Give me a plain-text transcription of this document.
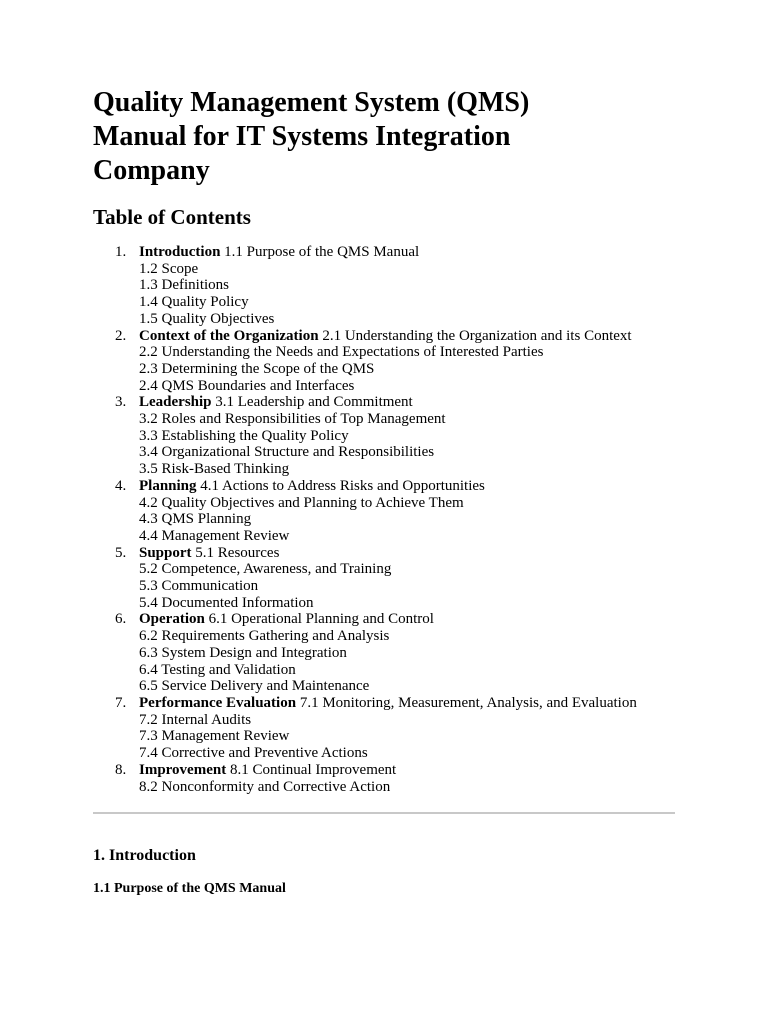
Quality Management System (QMS)
Manual for IT Systems Integration
Company
Table of Contents
1. Introduction 1.1 Purpose of the QMS Manual
1.2 Scope
1.3 Definitions
1.4 Quality Policy
1.5 Quality Objectives
2. Context of the Organization 2.1 Understanding the Organization and its Context
2.2 Understanding the Needs and Expectations of Interested Parties
2.3 Determining the Scope of the QMS
2.4 QMS Boundaries and Interfaces
3. Leadership 3.1 Leadership and Commitment
3.2 Roles and Responsibilities of Top Management
3.3 Establishing the Quality Policy
3.4 Organizational Structure and Responsibilities
3.5 Risk-Based Thinking
4. Planning 4.1 Actions to Address Risks and Opportunities
4.2 Quality Objectives and Planning to Achieve Them
4.3 QMS Planning
4.4 Management Review
5. Support 5.1 Resources
5.2 Competence, Awareness, and Training
5.3 Communication
5.4 Documented Information
6. Operation 6.1 Operational Planning and Control
6.2 Requirements Gathering and Analysis
6.3 System Design and Integration
6.4 Testing and Validation
6.5 Service Delivery and Maintenance
7. Performance Evaluation 7.1 Monitoring, Measurement, Analysis, and Evaluation
7.2 Internal Audits
7.3 Management Review
7.4 Corrective and Preventive Actions
8. Improvement 8.1 Continual Improvement
8.2 Nonconformity and Corrective Action
1. Introduction
1.1 Purpose of the QMS Manual
